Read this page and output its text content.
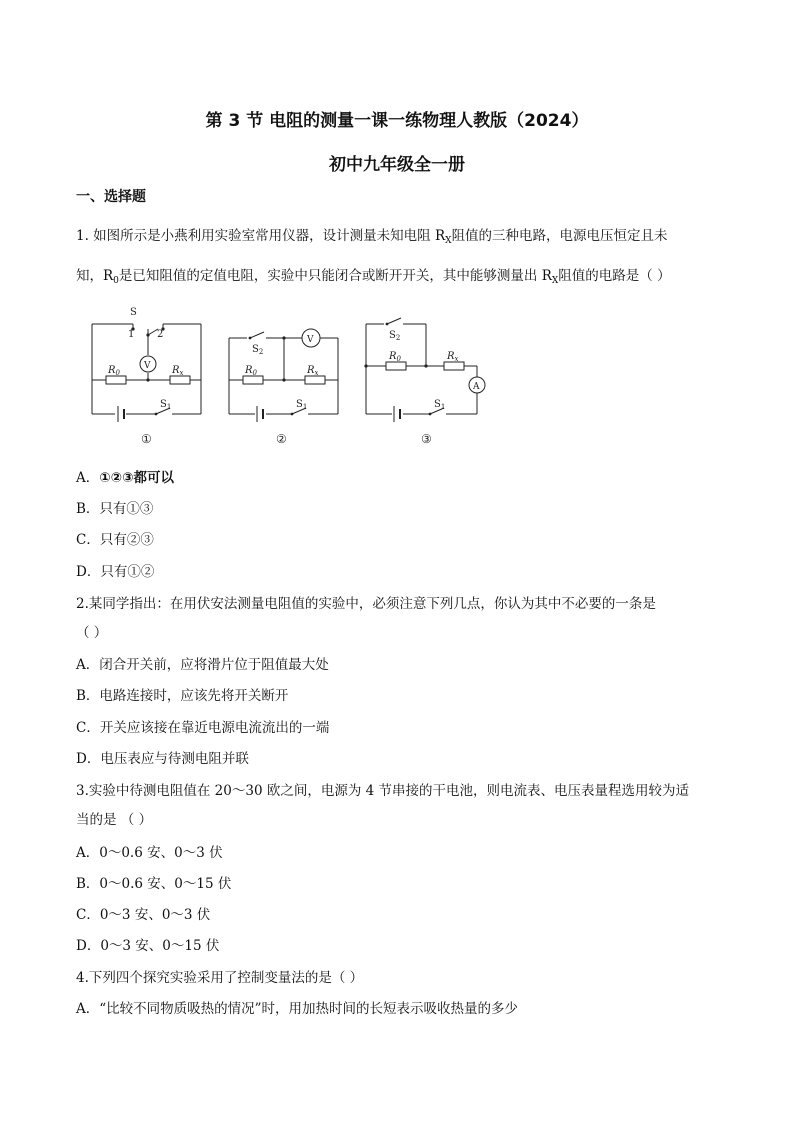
第 3 节 电阻的测量一课一练物理人教版（2024）
初中九年级全一册
一、选择题
1. 如图所示是小燕利用实验室常用仪器，设计测量未知电阻 $R_X$阻值的三种电路，电源电压恒定且未
知，$R_0$是已知阻值的定值电阻，实验中只能闭合或断开开关，其中能够测量出 $R_X$阻值的电路是（ ）
S
1 2
V
$R_0$	$R_x$
$S_1$
①
$S_2$
V
$R_0$	$R_x$
$S_1$
②
$S_2$
$R_0$	$R_x$
A
$S_1$
③
A．①②③都可以
B．只有①③
C．只有②③
D．只有①②
2.某同学指出：在用伏安法测量电阻值的实验中，必须注意下列几点，你认为其中不必要的一条是
（ ）
A．闭合开关前，应将滑片位于阻值最大处
B．电路连接时，应该先将开关断开
C．开关应该接在靠近电源电流流出的一端
D．电压表应与待测电阻并联
3.实验中待测电阻值在 20～30 欧之间，电源为 4 节串接的干电池，则电流表、电压表量程选用较为适
当的是 （ ）
A．0～0.6 安、0～3 伏
B．0～0.6 安、0～15 伏
C．0～3 安、0～3 伏
D．0～3 安、0～15 伏
4.下列四个探究实验采用了控制变量法的是（ ）
A．“比较不同物质吸热的情况”时，用加热时间的长短表示吸收热量的多少
